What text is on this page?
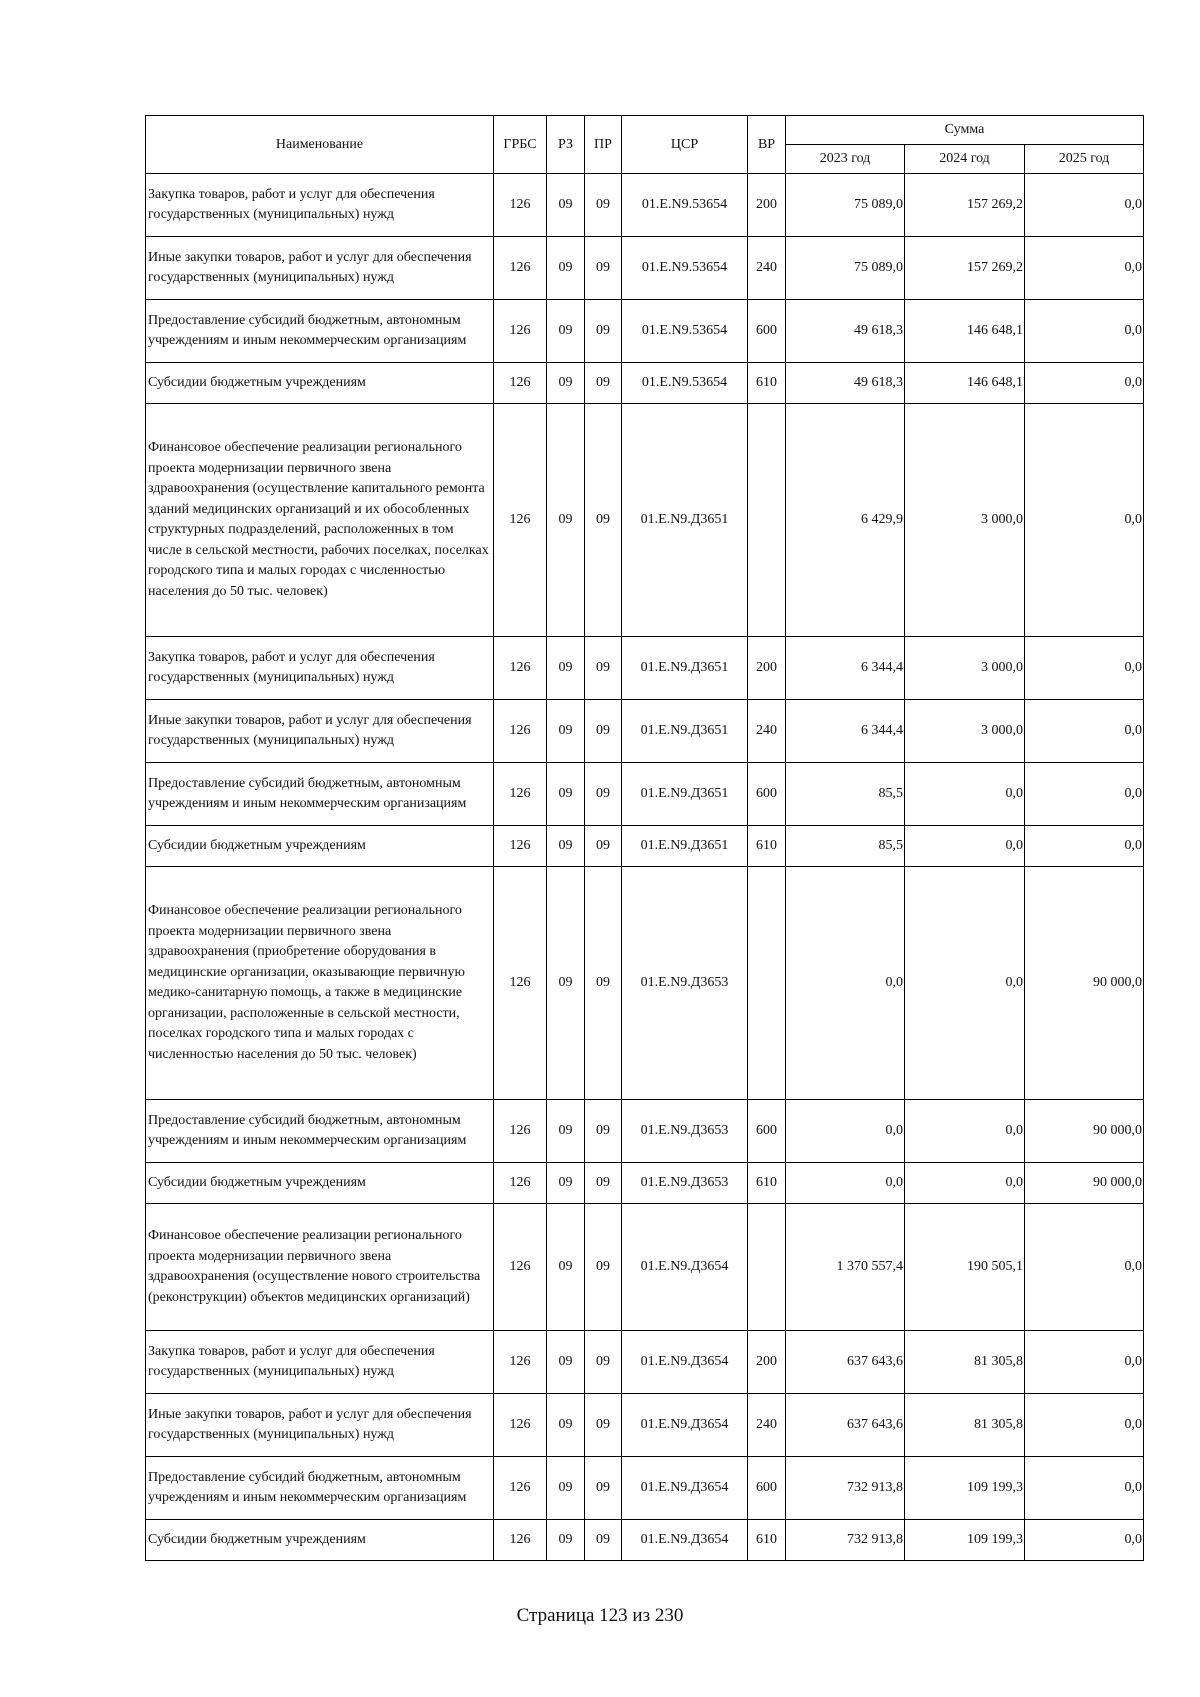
Наименование	ГРБС	РЗ	ПР	ЦСР	ВР	Сумма		
						2023 год	2024 год	2025 год
Закупка товаров, работ и услуг для обеспечения государственных (муниципальных) нужд	126	09	09	01.Е.N9.53654	200	75 089,0	157 269,2	0,0
Иные закупки товаров, работ и услуг для обеспечения государственных (муниципальных) нужд	126	09	09	01.Е.N9.53654	240	75 089,0	157 269,2	0,0
Предоставление субсидий бюджетным, автономным учреждениям и иным некоммерческим организациям	126	09	09	01.Е.N9.53654	600	49 618,3	146 648,1	0,0
Субсидии бюджетным учреждениям	126	09	09	01.Е.N9.53654	610	49 618,3	146 648,1	0,0
Финансовое обеспечение реализации регионального проекта модернизации первичного звена здравоохранения (осуществление капитального ремонта зданий медицинских организаций и их обособленных структурных подразделений, расположенных в том числе в сельской местности, рабочих поселках, поселках городского типа и малых городах с численностью населения до 50 тыс. человек)	126	09	09	01.Е.N9.Д3651		6 429,9	3 000,0	0,0
Закупка товаров, работ и услуг для обеспечения государственных (муниципальных) нужд	126	09	09	01.Е.N9.Д3651	200	6 344,4	3 000,0	0,0
Иные закупки товаров, работ и услуг для обеспечения государственных (муниципальных) нужд	126	09	09	01.Е.N9.Д3651	240	6 344,4	3 000,0	0,0
Предоставление субсидий бюджетным, автономным учреждениям и иным некоммерческим организациям	126	09	09	01.Е.N9.Д3651	600	85,5	0,0	0,0
Субсидии бюджетным учреждениям	126	09	09	01.Е.N9.Д3651	610	85,5	0,0	0,0
Финансовое обеспечение реализации регионального проекта модернизации первичного звена здравоохранения (приобретение оборудования в медицинские организации, оказывающие первичную медико-санитарную помощь, а также в медицинские организации, расположенные в сельской местности, поселках городского типа и малых городах с численностью населения до 50 тыс. человек)	126	09	09	01.Е.N9.Д3653		0,0	0,0	90 000,0
Предоставление субсидий бюджетным, автономным учреждениям и иным некоммерческим организациям	126	09	09	01.Е.N9.Д3653	600	0,0	0,0	90 000,0
Субсидии бюджетным учреждениям	126	09	09	01.Е.N9.Д3653	610	0,0	0,0	90 000,0
Финансовое обеспечение реализации регионального проекта модернизации первичного звена здравоохранения (осуществление нового строительства (реконструкции) объектов медицинских организаций)	126	09	09	01.Е.N9.Д3654		1 370 557,4	190 505,1	0,0
Закупка товаров, работ и услуг для обеспечения государственных (муниципальных) нужд	126	09	09	01.Е.N9.Д3654	200	637 643,6	81 305,8	0,0
Иные закупки товаров, работ и услуг для обеспечения государственных (муниципальных) нужд	126	09	09	01.Е.N9.Д3654	240	637 643,6	81 305,8	0,0
Предоставление субсидий бюджетным, автономным учреждениям и иным некоммерческим организациям	126	09	09	01.Е.N9.Д3654	600	732 913,8	109 199,3	0,0
Субсидии бюджетным учреждениям	126	09	09	01.Е.N9.Д3654	610	732 913,8	109 199,3	0,0
Страница 123 из 230
